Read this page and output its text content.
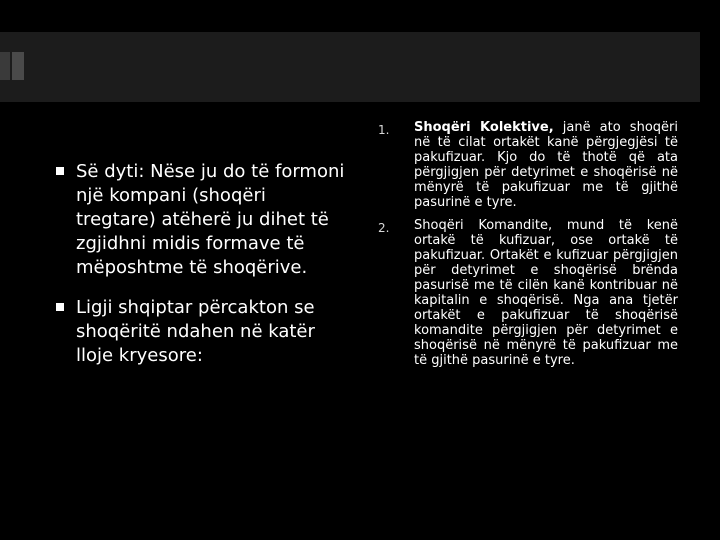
Së dyti: Nëse ju do të formoni një kompani (shoqëri tregtare) atëherë ju dihet të zgjidhni midis formave të mëposhtme të shoqërive.
Ligji shqiptar përcakton se shoqëritë ndahen në katër lloje kryesore:
1.	Shoqëri Kolektive, janë ato shoqëri në të cilat ortakët kanë përgjegjësi të pakufizuar. Kjo do të thotë që ata përgjigjen për detyrimet e shoqërisë në mënyrë të pakufizuar me të gjithë pasurinë e tyre.
2.	Shoqëri Komandite, mund të kenë ortakë të kufizuar, ose ortakë të pakufizuar. Ortakët e kufizuar përgjigjen për detyrimet e shoqërisë brënda pasurisë me të cilën kanë kontribuar në kapitalin e shoqërisë. Nga ana tjetër ortakët e pakufizuar të shoqërisë komandite përgjigjen për detyrimet e shoqërisë në mënyrë të pakufizuar me të gjithë pasurinë e tyre.
